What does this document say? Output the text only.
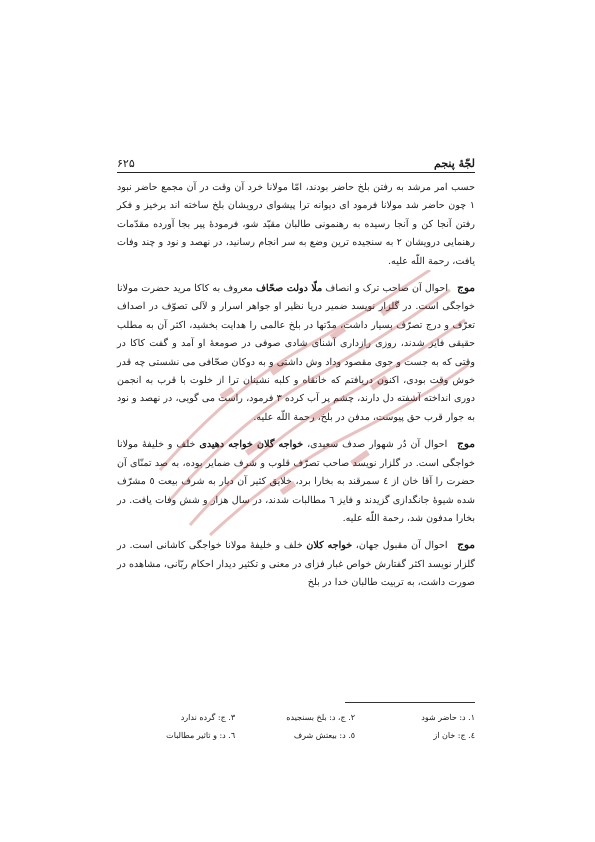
لجّهٔ پنجم
۶۲۵

حسب امر مرشد به رفتن بلخ حاضر بودند، امّا مولانا خرد آن وقت در آن مجمع حاضر نبود ١ چون حاضر شد مولانا فرمود ای دیوانه ترا پیشوای درویشان بلخ ساخته اند برخیز و فکر رفتن آنجا کن و آنجا رسیده به رهنمونی طالبان مقیّد شو، فرمودهٔ پیر بجا آورده مقدّمات رهنمایی درویشان ٢ به سنجیده ترین وضع به سر انجام رسانید، در نهصد و نود و چند وفات یافت، رحمة اللّه علیه.

موج احوال آن صاحب ترک و انصاف ملّا دولت صحّاف معروف به کاکا مرید حضرت مولانا خواجگی است. در گلزار نویسد ضمیر دریا نظیر او جواهر اسرار و لآلی تصوّف در اصداف تعرّف و درج تصرّف بسیار داشت، مدّتها در بلخ عالمی را هدایت بخشید، اکثر آن به مطلب حقیقی فایز شدند، روزی رازداری آشنای شادی صوفی در صومعهٔ او آمد و گفت کاکا در وقتی که به جست و جوی مقصود وداد وش داشتی و به دوکان صحّافی می نشستی چه قدر خوش وقت بودی، اکنون دریافتم که خانقاه و کلبه نشینان ترا از خلوت با قرب به انجمن دوری انداخته آشفته دل دارند، چشم پر آب کرده ٣ فرمود، راست می گویی، در نهصد و نود به جوار قرب حق پیوست، مدفن در بلخ، رحمة اللّه علیه.

موج احوال آن دُر شهوار صدف سعیدی، خواجه گلان خواجه دهیدی خلف و خلیفهٔ مولانا خواجگی است. در گلزار نویسد صاحب تصرّف قلوب و شرف ضمایر بوده، به صد تمنّای آن حضرت را آقا خان از ٤ سمرقند به بخارا برد، خلایق کثیر آن دیار به شرف بیعت ٥ مشرّف شده شیوهٔ جانگدازی گزیدند و فایز ٦ مطالبات شدند، در سال هزار و شش وفات یافت. در بخارا مدفون شد، رحمة اللّه علیه.

موج احوال آن مقبول جهان، خواجه کلان خلف و خلیفهٔ مولانا خواجگی کاشانی است. در گلزار نویسد اکثر گفتارش خواص غبار فزای در معنی و تکثیر دیدار احکام ربّانی، مشاهده در صورت داشت، به تربیت طالبان خدا در بلخ

١. د: حاضر شود
٢. ج، د: بلخ بسنجیده
٣. ج: گرده ندارد
٤. ج: خان از
٥. د: بیعتش شرف
٦. د: و تاثیر مطالبات
